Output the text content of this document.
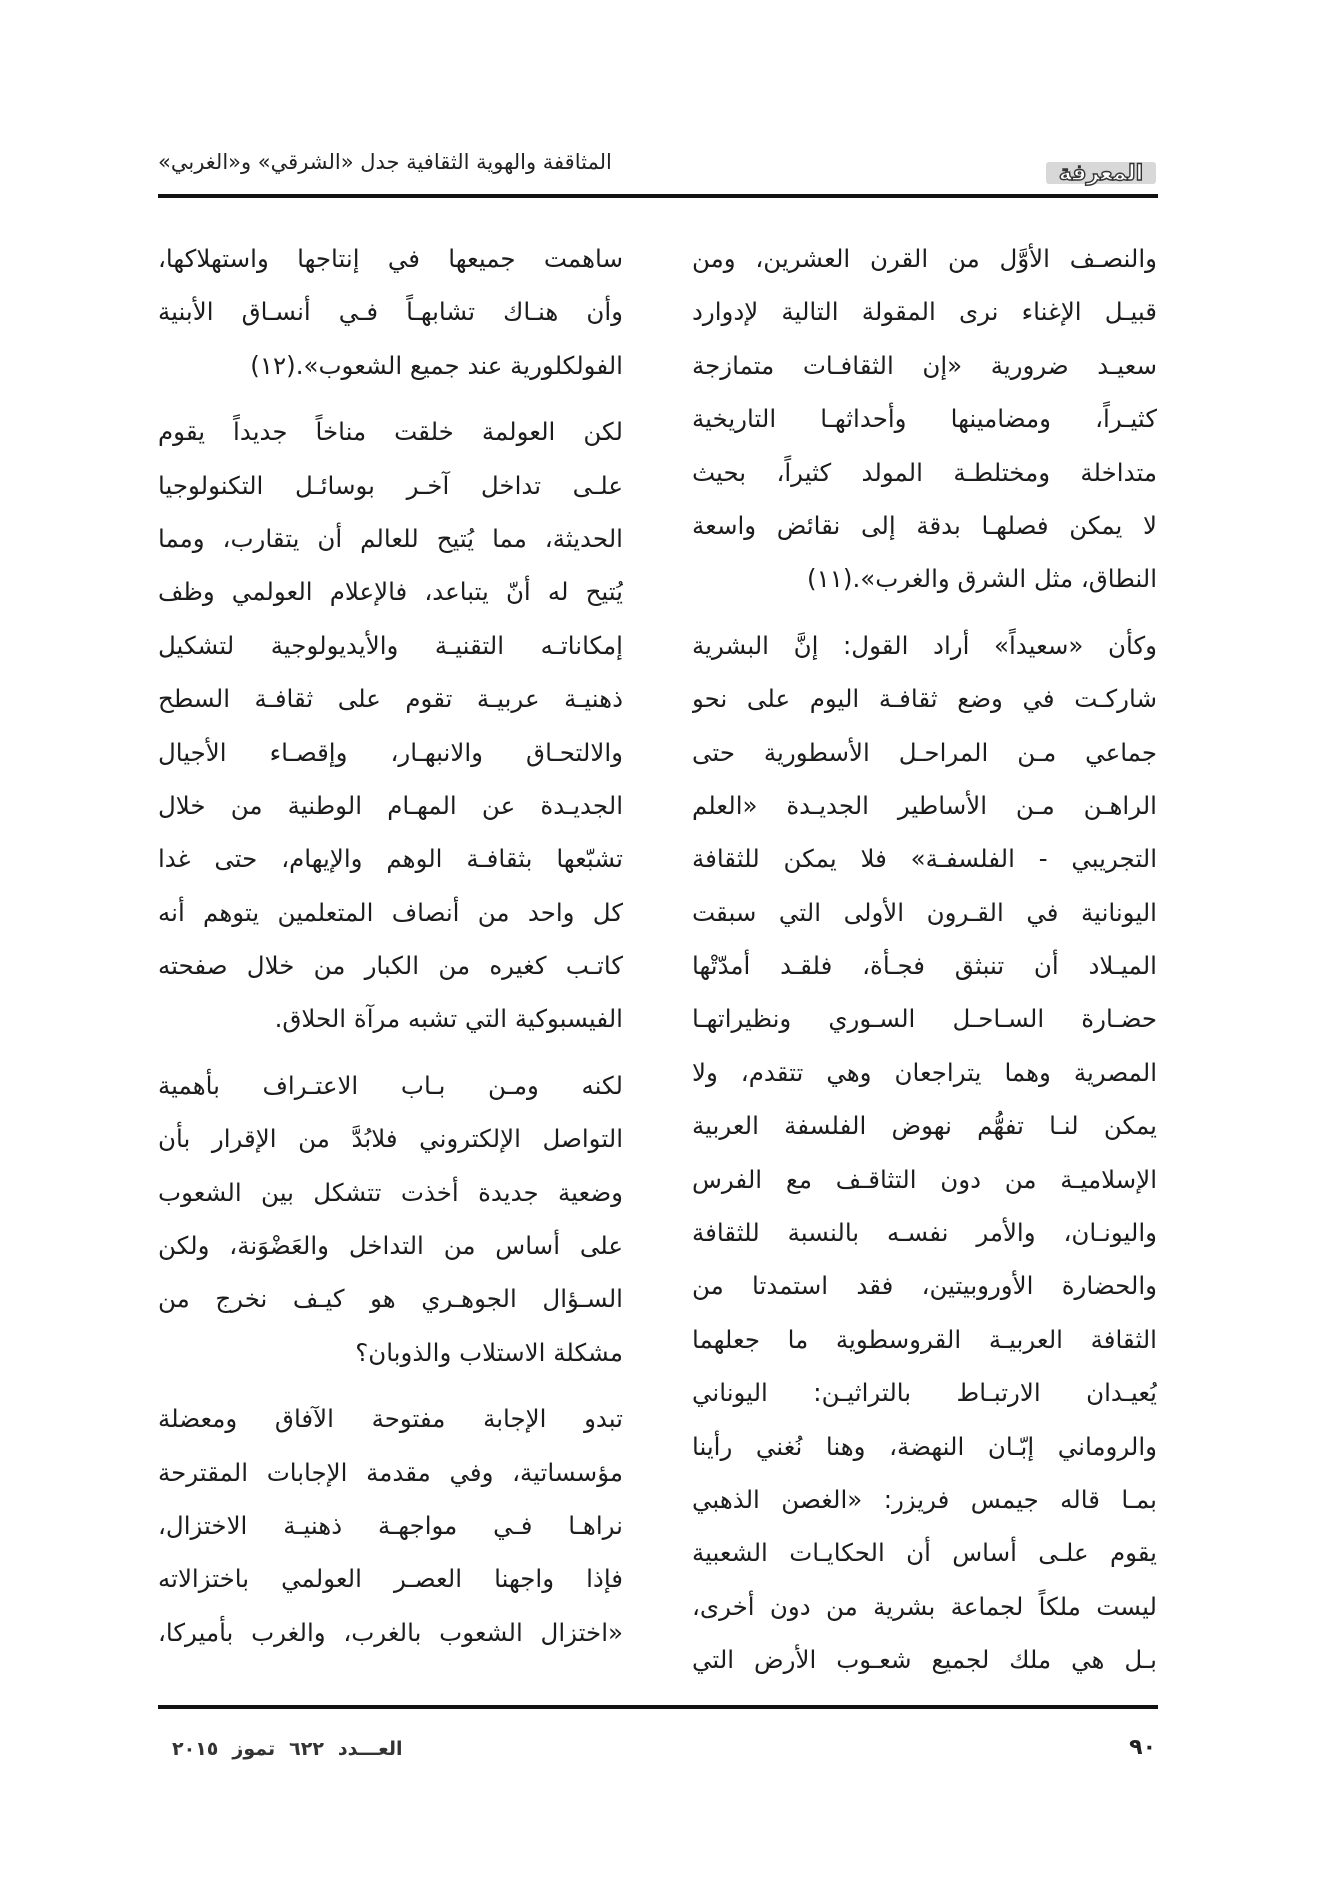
المعرفة
المثاقفة والهوية الثقافية جدل «الشرقي» و«الغربي»
والنصـف الأوَّل من القرن العشرين، ومن
قبيـل الإغناء نرى المقولة التالية لإدوارد
سعيـد ضرورية «إن الثقافـات متمازجة
كثيـراً، ومضامينها وأحداثهـا التاريخية
متداخلة ومختلطـة المولد كثيراً، بحيث
لا يمكن فصلهـا بدقة إلى نقائض واسعة
النطاق، مثل الشرق والغرب».(١١)
وكأن «سعيداً» أراد القول: إنَّ البشرية
شاركـت في وضع ثقافـة اليوم على نحو
جماعي مـن المراحـل الأسطورية حتى
الراهـن مـن الأساطير الجديـدة «العلم
التجريبي - الفلسفـة» فلا يمكن للثقافة
اليونانية في القـرون الأولى التي سبقت
الميـلاد أن تنبثق فجـأة، فلقـد أمدّتْها
حضـارة السـاحـل السـوري ونظيراتهـا
المصرية وهما يتراجعان وهي تتقدم، ولا
يمكن لنـا تفهُّم نهوض الفلسفة العربية
الإسلاميـة من دون التثاقـف مع الفرس
واليونـان، والأمر نفسـه بالنسبة للثقافة
والحضارة الأوروبيتين، فقد استمدتا من
الثقافة العربيـة القروسطوية ما جعلهما
يُعيـدان الارتبـاط بالتراثيـن: اليوناني
والروماني إبّـان النهضة، وهنا نُغني رأينا
بمـا قاله جيمس فريزر: «الغصن الذهبي
يقوم علـى أساس أن الحكايـات الشعبية
ليست ملكاً لجماعة بشرية من دون أخرى،
بـل هي ملك لجميع شعـوب الأرض التي
ساهمت جميعها في إنتاجها واستهلاكها،
وأن هنـاك تشابهـاً فـي أنسـاق الأبنية
الفولكلورية عند جميع الشعوب».(١٢)
لكن العولمة خلقت مناخاً جديداً يقوم
علـى تداخل آخـر بوسائـل التكنولوجيا
الحديثة، مما يُتيح للعالم أن يتقارب، ومما
يُتيح له أنّ يتباعد، فالإعلام العولمي وظف
إمكاناتـه التقنيـة والأيديولوجية لتشكيل
ذهنيـة عربيـة تقوم على ثقافـة السطح
والالتحـاق والانبهـار، وإقصـاء الأجيال
الجديـدة عن المهـام الوطنية من خلال
تشبّعها بثقافـة الوهم والإيهام، حتى غدا
كل واحد من أنصاف المتعلمين يتوهم أنه
كاتـب كغيره من الكبار من خلال صفحته
الفيسبوكية التي تشبه مرآة الحلاق.
لكنه ومـن بـاب الاعتـراف بأهمية
التواصل الإلكتروني فلابُدَّ من الإقرار بأن
وضعية جديدة أخذت تتشكل بين الشعوب
على أساس من التداخل والعَضْوَنة، ولكن
السـؤال الجوهـري هو كيـف نخرج من
مشكلة الاستلاب والذوبان؟
تبدو الإجابة مفتوحة الآفاق ومعضلة
مؤسساتية، وفي مقدمة الإجابات المقترحة
نراهـا فـي مواجهـة ذهنيـة الاختزال،
فإذا واجهنا العصـر العولمي باختزالاته
«اختزال الشعوب بالغرب، والغرب بأميركا،
٩٠
العـــدد٦٢٢تموز٢٠١٥
